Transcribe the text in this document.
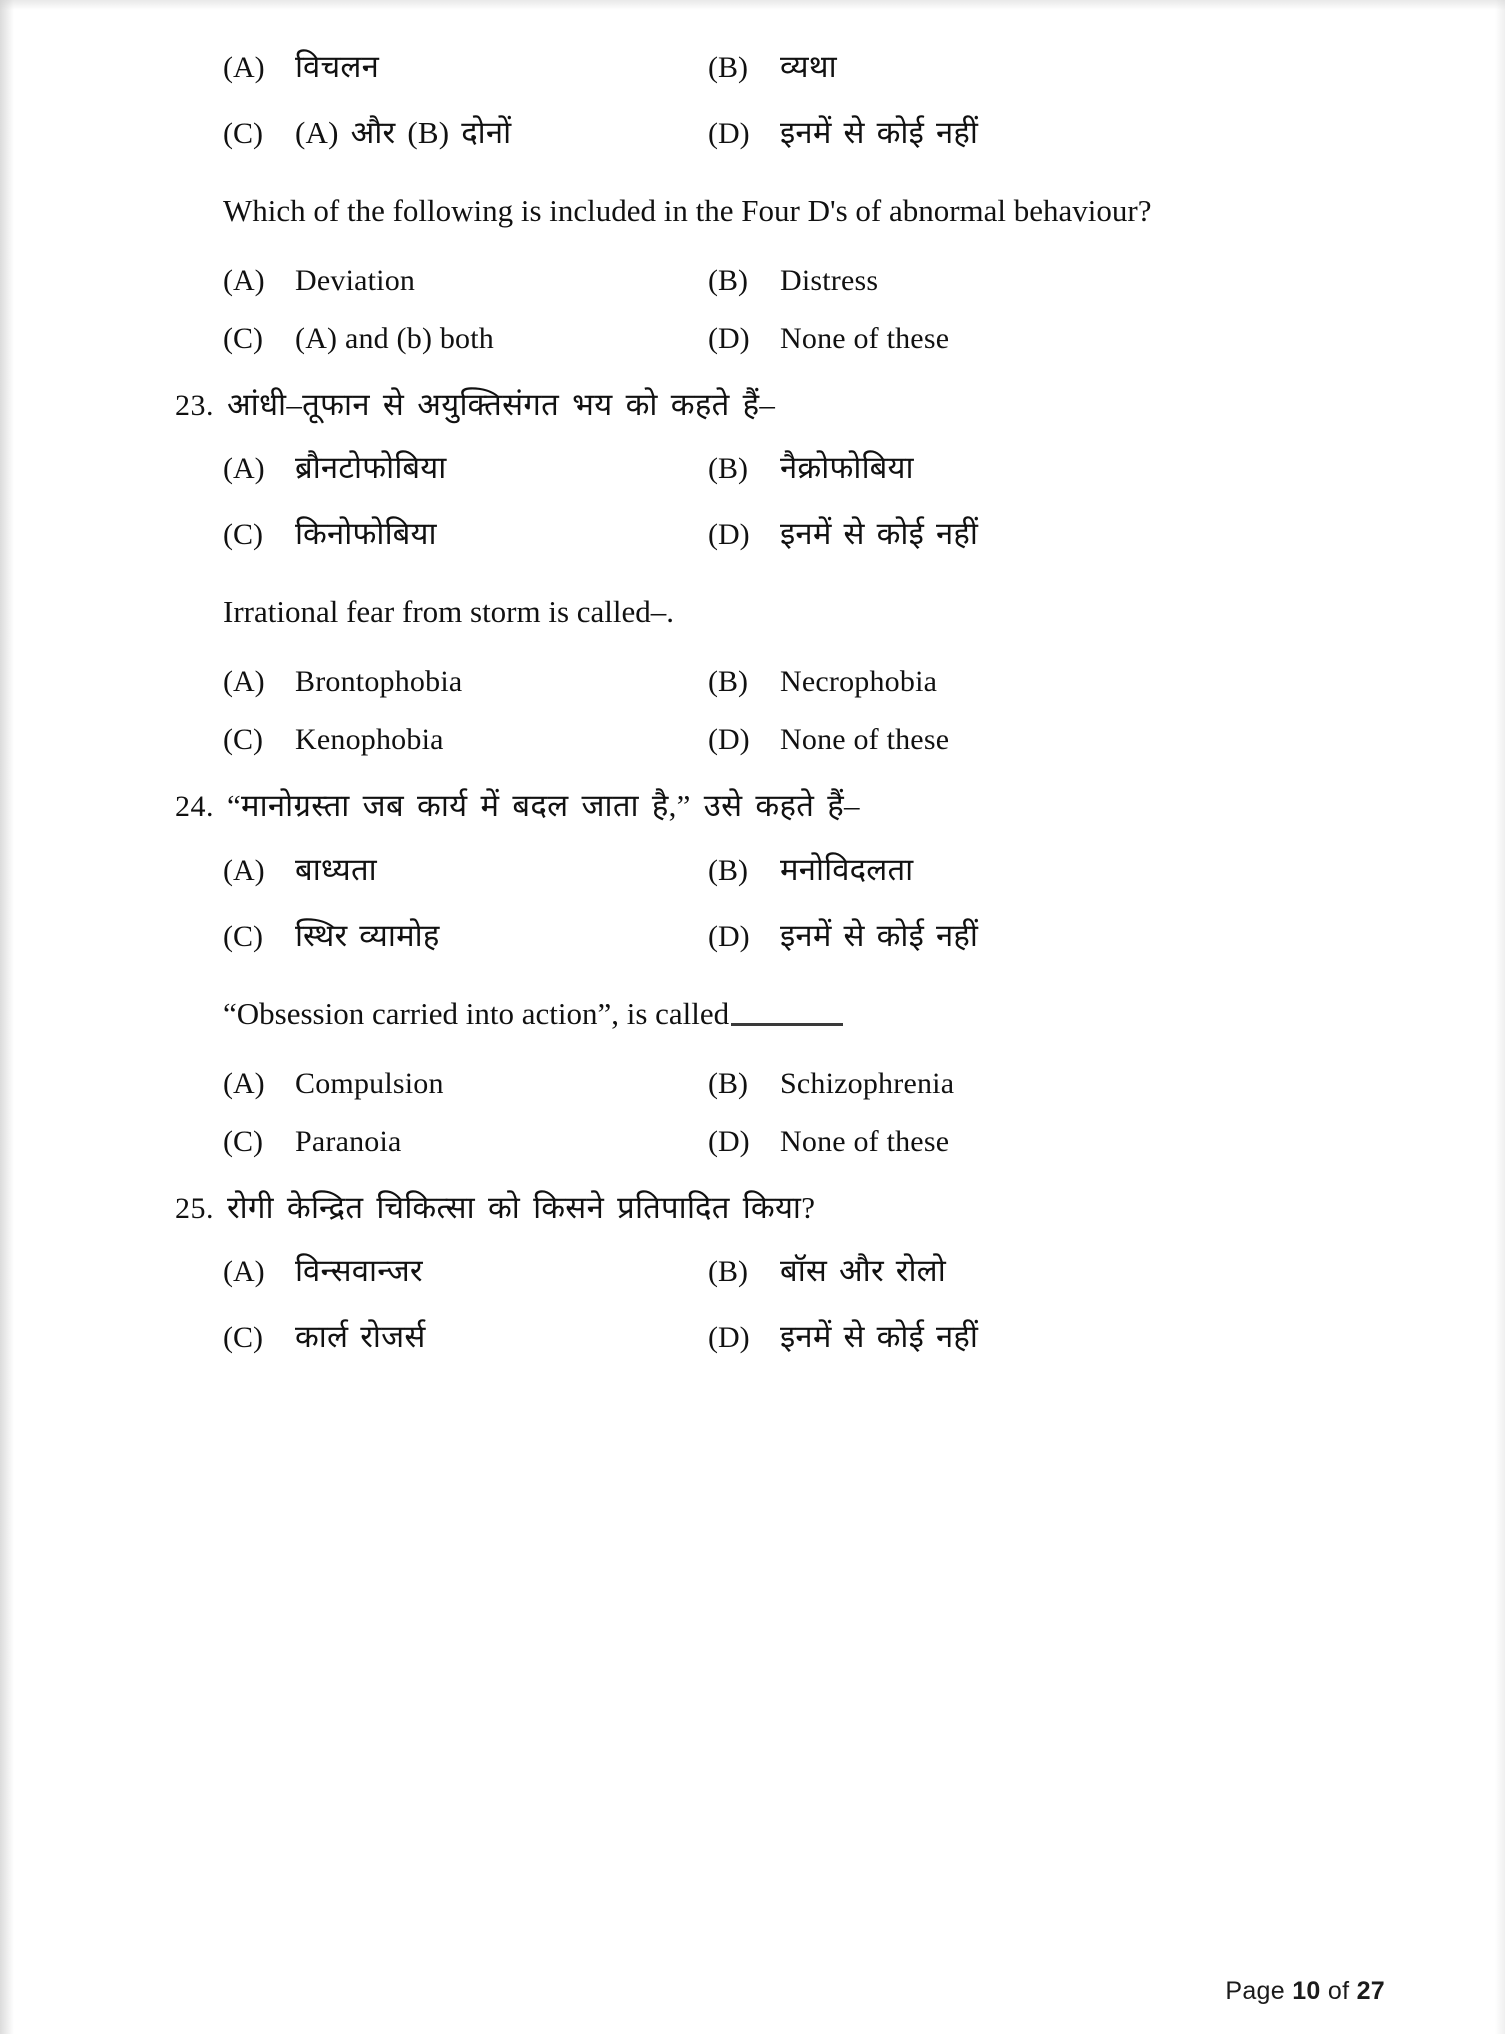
(A) विचलन	(B)	व्यथा
(C)	(A) और (B) दोनों	(D) इनमें से कोई नहीं
Which of the following is included in the Four D's of abnormal behaviour?
(A)	Deviation	(B)	Distress
(C)	(A) and (b) both	(D)	None of these
23. आंधी–तूफान से अयुक्तिसंगत भय को कहते हैं–
(A) ब्रौनटोफोबिया	(B)	नैक्रोफोबिया
(C)	किनोफोबिया	(D) इनमें से कोई नहीं
Irrational fear from storm is called–.
(A)	Brontophobia	(B)	Necrophobia
(C)	Kenophobia	(D)	None of these
24. “मानोग्रस्ता जब कार्य में बदल जाता है,” उसे कहते हैं–
(A) बाध्यता	(B)	मनोविदलता
(C)	स्थिर व्यामोह	(D) इनमें से कोई नहीं
“Obsession carried into action”, is called
(A)	Compulsion	(B)	Schizophrenia
(C)	Paranoia	(D)	None of these
25. रोगी केन्द्रित चिकित्सा को किसने प्रतिपादित किया?
(A) विन्सवान्जर	(B)	बॉस और रोलो
(C)	कार्ल रोजर्स	(D) इनमें से कोई नहीं
Page 10 of 27
